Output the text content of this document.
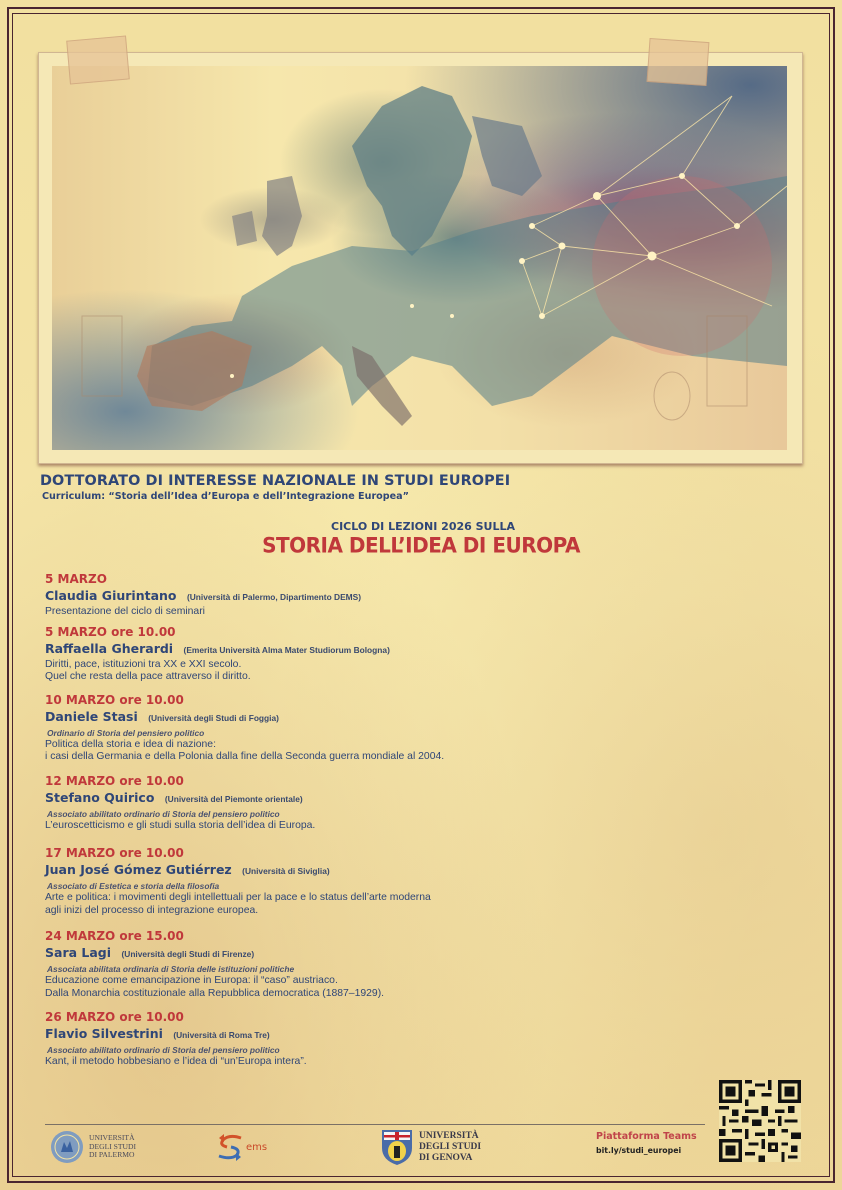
DOTTORATO DI INTERESSE NAZIONALE IN STUDI EUROPEI
Curriculum: “Storia dell’Idea d’Europa e dell’Integrazione Europea”
CICLO DI LEZIONI 2026 SULLA
STORIA DELL’IDEA DI EUROPA
5 MARZO
Claudia Giurintano (Università di Palermo, Dipartimento DEMS)
Presentazione del ciclo di seminari
5 MARZO ore 10.00
Raffaella Gherardi (Emerita Università Alma Mater Studiorum Bologna)
Diritti, pace, istituzioni tra XX e XXI secolo.
Quel che resta della pace attraverso il diritto.
10 MARZO ore 10.00
Daniele Stasi (Università degli Studi di Foggia)
Ordinario di Storia del pensiero politico
Politica della storia e idea di nazione:
i casi della Germania e della Polonia dalla fine della Seconda guerra mondiale al 2004.
12 MARZO ore 10.00
Stefano Quirico (Università del Piemonte orientale)
Associato abilitato ordinario di Storia del pensiero politico
L’euroscetticismo e gli studi sulla storia dell’idea di Europa.
17 MARZO ore 10.00
Juan José Gómez Gutiérrez (Università di Siviglia)
Associato di Estetica e storia della filosofia
Arte e politica: i movimenti degli intellettuali per la pace e lo status dell’arte moderna
agli inizi del processo di integrazione europea.
24 MARZO ore 15.00
Sara Lagi (Università degli Studi di Firenze)
Associata abilitata ordinaria di Storia delle istituzioni politiche
Educazione come emancipazione in Europa: il “caso” austriaco.
Dalla Monarchia costituzionale alla Repubblica democratica (1887–1929).
26 MARZO ore 10.00
Flavio Silvestrini (Università di Roma Tre)
Associato abilitato ordinario di Storia del pensiero politico
Kant, il metodo hobbesiano e l’idea di “un’Europa intera”.
UNIVERSITÀ
DEGLI STUDI
DI PALERMO
ems
UNIVERSITÀ
DEGLI STUDI
DI GENOVA
Piattaforma Teams
bit.ly/studi_europei
